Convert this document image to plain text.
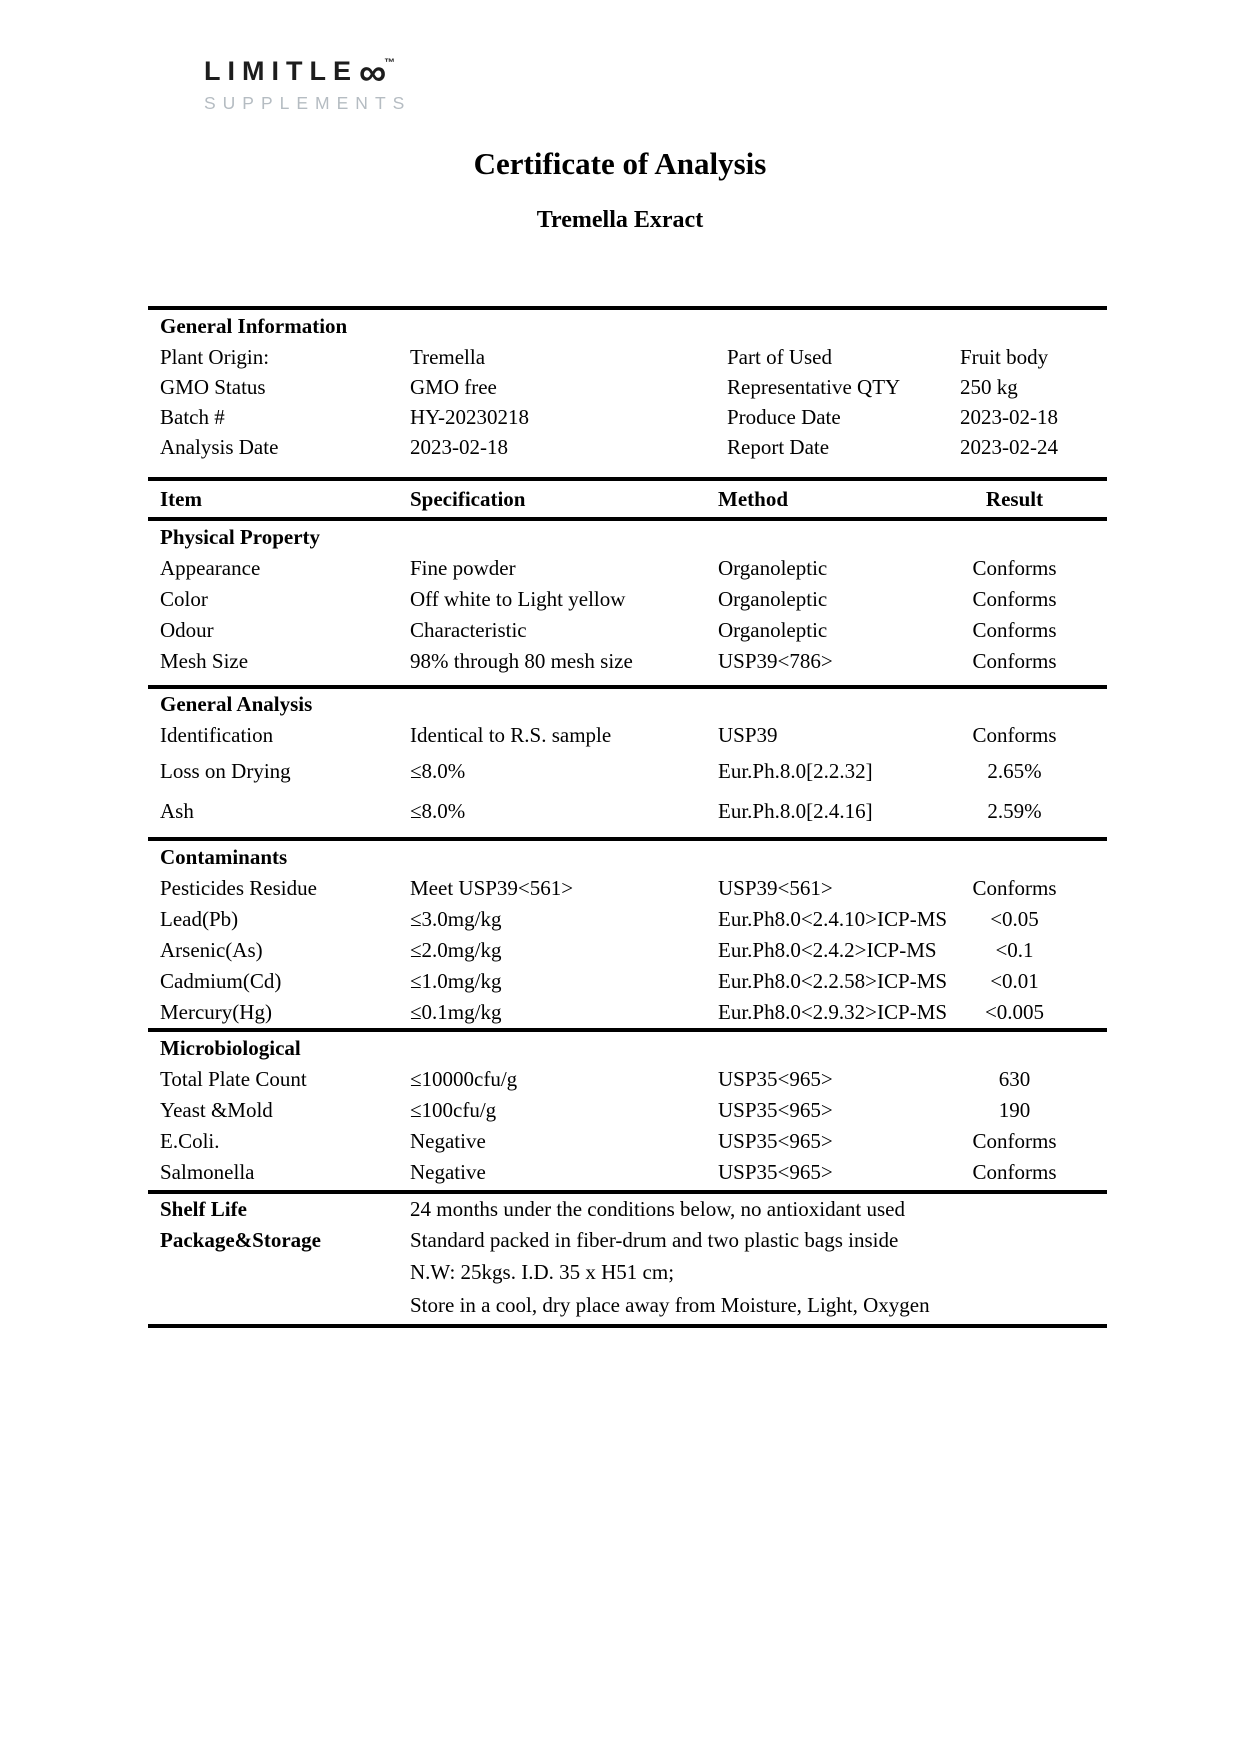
LIMITLE∞™
SUPPLEMENTS
Certificate of Analysis
Tremella Exract
General Information
Plant Origin:	Tremella	Part of Used	Fruit body
GMO Status	GMO free	Representative QTY	250 kg
Batch #	HY-20230218	Produce Date	2023-02-18
Analysis Date	2023-02-18	Report Date	2023-02-24
Item	Specification	Method	Result
Physical Property
Appearance	Fine powder	Organoleptic	Conforms
Color	Off white to Light yellow	Organoleptic	Conforms
Odour	Characteristic	Organoleptic	Conforms
Mesh Size	98% through 80 mesh size	USP39<786>	Conforms
General Analysis
Identification	Identical to R.S. sample	USP39	Conforms
Loss on Drying	≤8.0%	Eur.Ph.8.0[2.2.32]	2.65%
Ash	≤8.0%	Eur.Ph.8.0[2.4.16]	2.59%
Contaminants
Pesticides Residue	Meet USP39<561>	USP39<561>	Conforms
Lead(Pb)	≤3.0mg/kg	Eur.Ph8.0<2.4.10>ICP-MS	<0.05
Arsenic(As)	≤2.0mg/kg	Eur.Ph8.0<2.4.2>ICP-MS	<0.1
Cadmium(Cd)	≤1.0mg/kg	Eur.Ph8.0<2.2.58>ICP-MS	<0.01
Mercury(Hg)	≤0.1mg/kg	Eur.Ph8.0<2.9.32>ICP-MS	<0.005
Microbiological
Total Plate Count	≤10000cfu/g	USP35<965>	630
Yeast &Mold	≤100cfu/g	USP35<965>	190
E.Coli.	Negative	USP35<965>	Conforms
Salmonella	Negative	USP35<965>	Conforms
Shelf Life	24 months under the conditions below, no antioxidant used
Package&Storage	Standard packed in fiber-drum and two plastic bags inside
N.W: 25kgs. I.D. 35 x H51 cm;
Store in a cool, dry place away from Moisture, Light, Oxygen
